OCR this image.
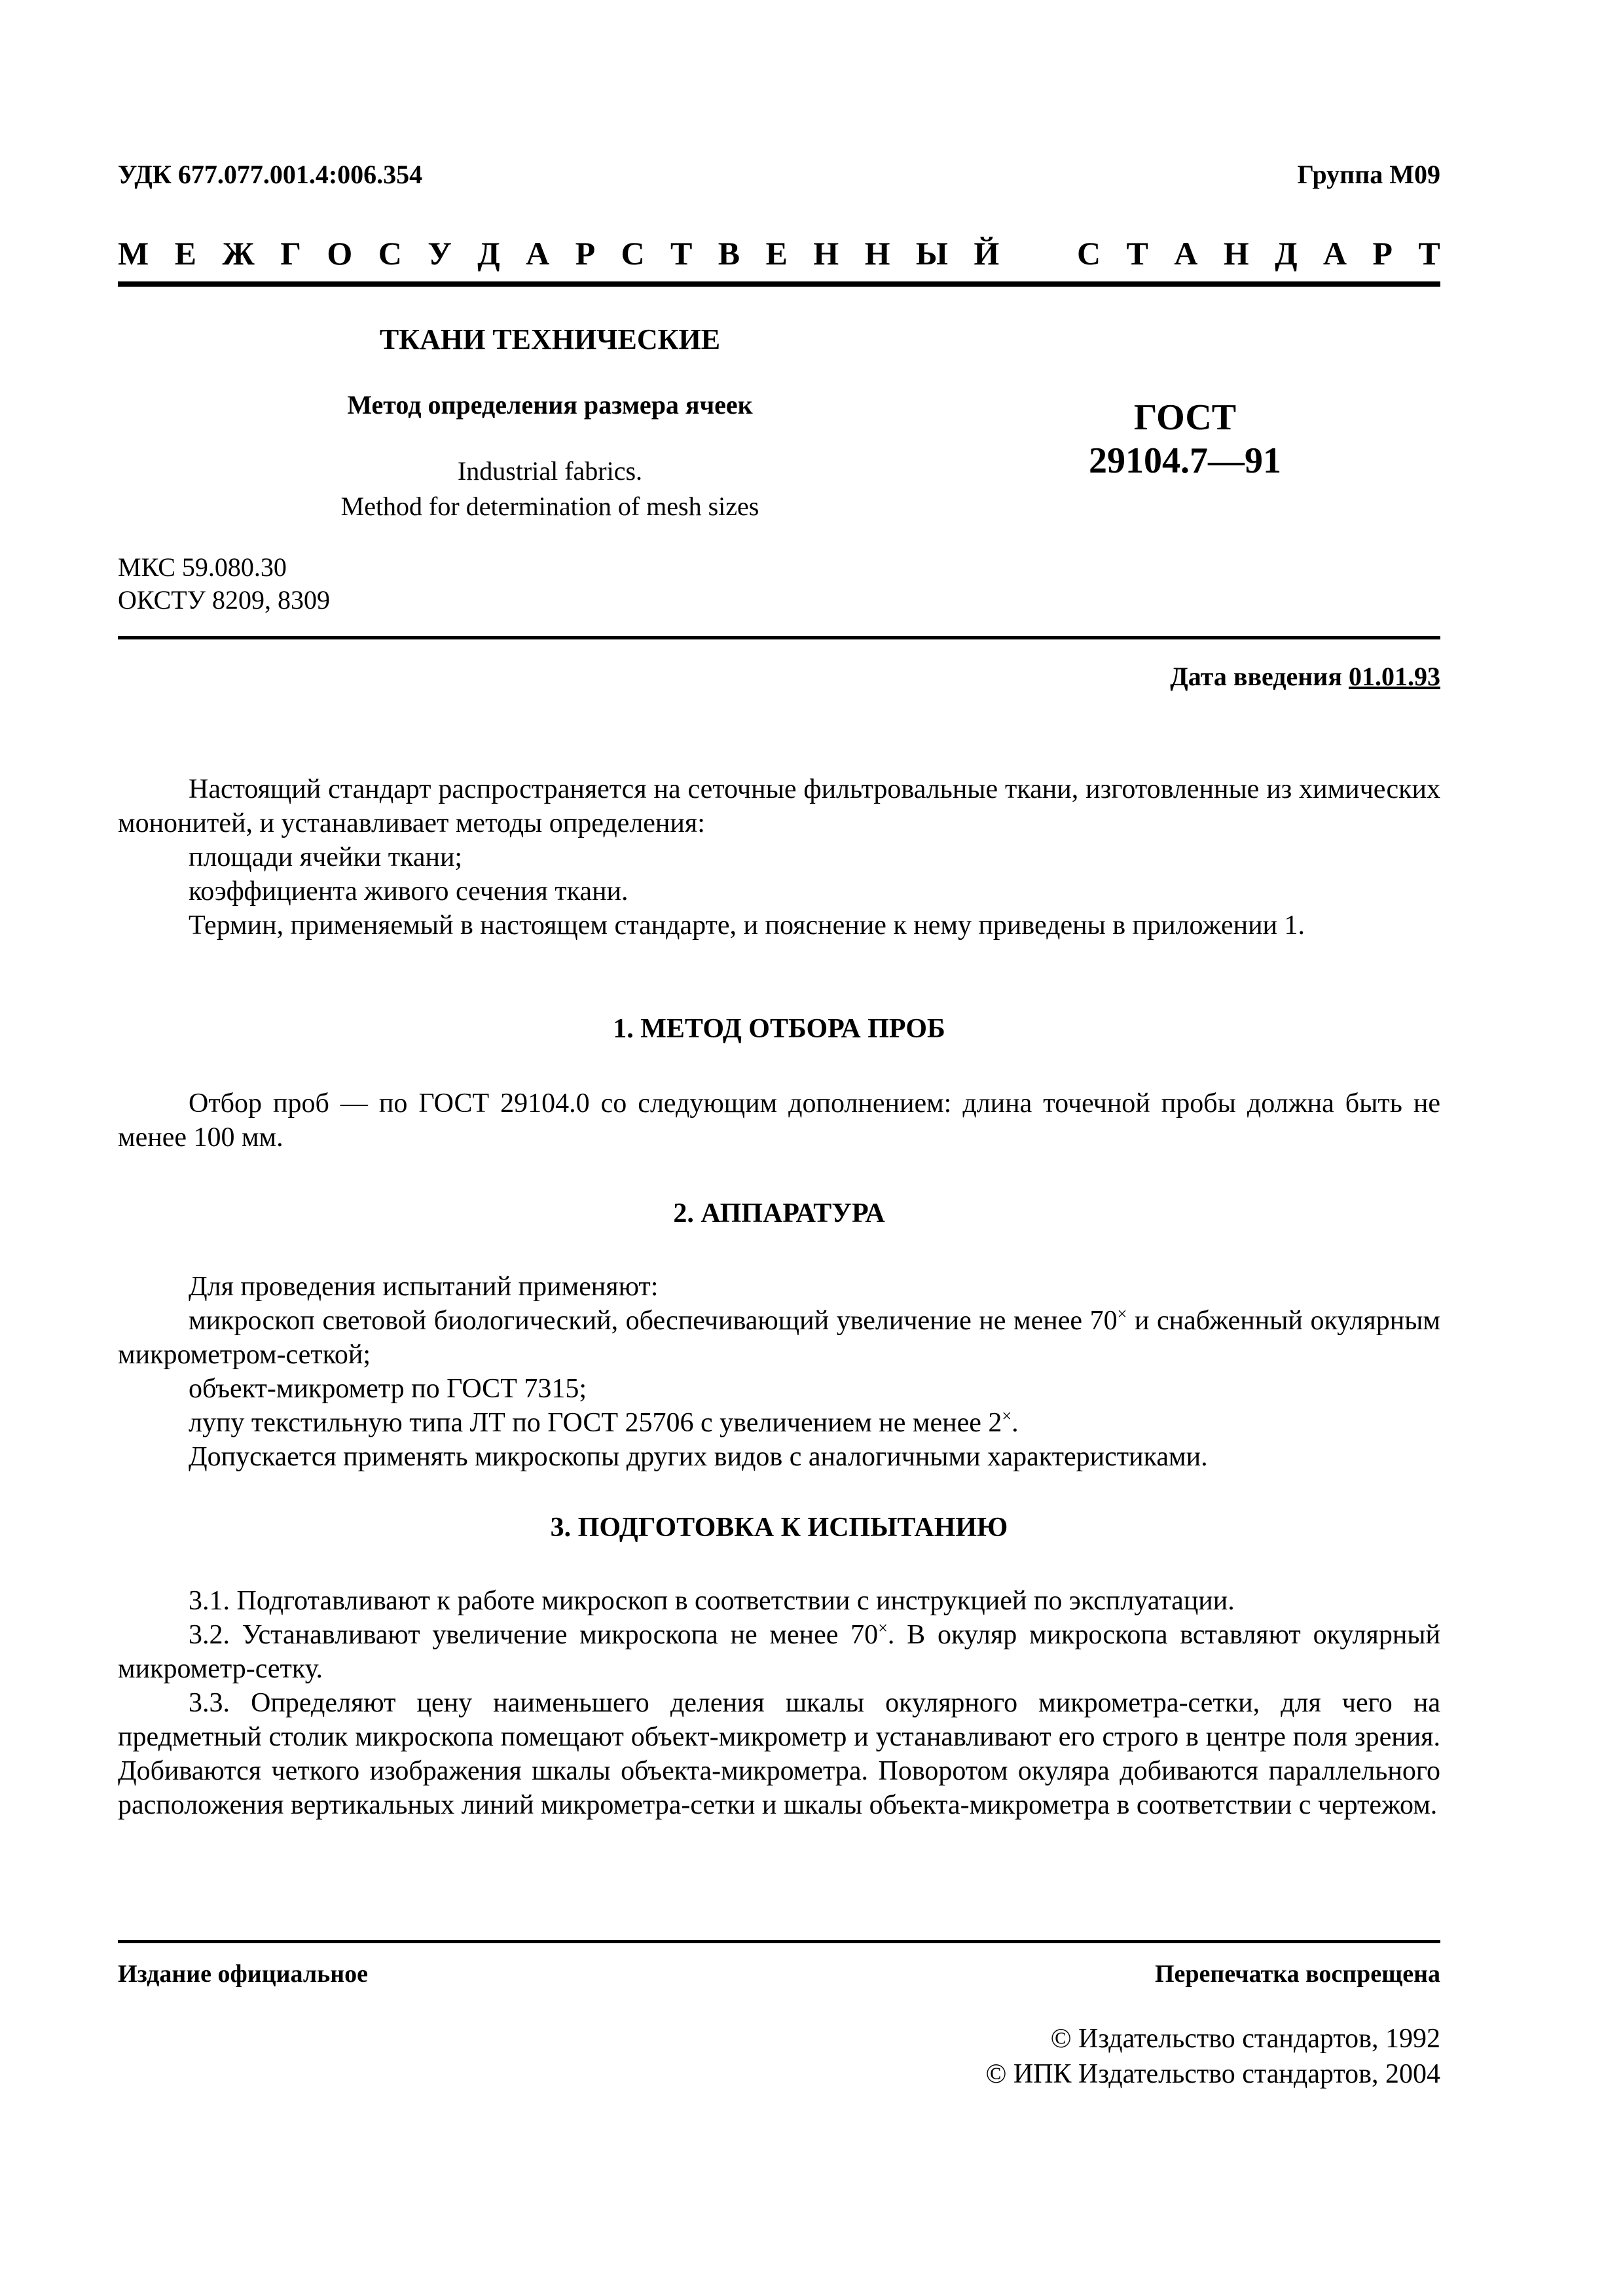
УДК 677.077.001.4:006.354	Группа М09
М Е Ж Г О С У Д А Р С Т В Е Н Н Ы Й С Т А Н Д А Р Т
ТКАНИ ТЕХНИЧЕСКИЕ
Метод определения размера ячеек
Industrial fabrics.
Method for determination of mesh sizes
ГОСТ
29104.7—91
МКС 59.080.30
ОКСТУ 8209, 8309
Дата введения 01.01.93

Настоящий стандарт распространяется на сеточные фильтровальные ткани, изготовленные из химических мононитей, и устанавливает методы определения:

площади ячейки ткани;

коэффициента живого сечения ткани.

Термин, применяемый в настоящем стандарте, и пояснение к нему приведены в приложении 1.

1. МЕТОД ОТБОРА ПРОБ

Отбор проб — по ГОСТ 29104.0 со следующим дополнением: длина точечной пробы должна быть не менее 100 мм.

2. АППАРАТУРА

Для проведения испытаний применяют:

микроскоп световой биологический, обеспечивающий увеличение не менее 70× и снабженный окулярным микрометром-сеткой;

объект-микрометр по ГОСТ 7315;

лупу текстильную типа ЛТ по ГОСТ 25706 с увеличением не менее 2×.

Допускается применять микроскопы других видов с аналогичными характеристиками.

3. ПОДГОТОВКА К ИСПЫТАНИЮ

3.1. Подготавливают к работе микроскоп в соответствии с инструкцией по эксплуатации.

3.2. Устанавливают увеличение микроскопа не менее 70×. В окуляр микроскопа вставляют окулярный микрометр-сетку.

3.3. Определяют цену наименьшего деления шкалы окулярного микрометра-сетки, для чего на предметный столик микроскопа помещают объект-микрометр и устанавливают его строго в центре поля зрения. Добиваются четкого изображения шкалы объекта-микрометра. Поворотом окуляра добиваются параллельного расположения вертикальных линий микрометра-сетки и шкалы объекта-микрометра в соответствии с чертежом.

Издание официальное	Перепечатка воспрещена
© Издательство стандартов, 1992
© ИПК Издательство стандартов, 2004
